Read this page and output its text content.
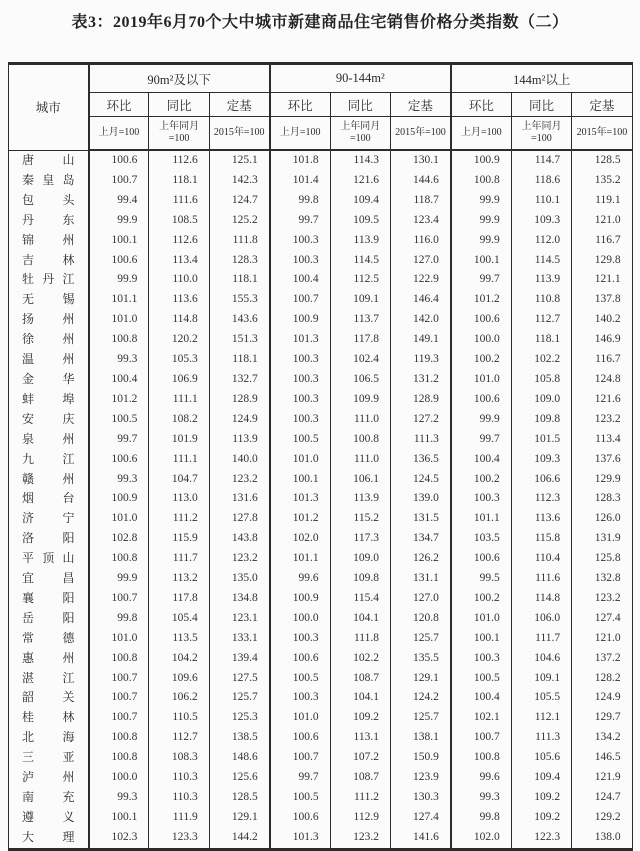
表3：2019年6月70个大中城市新建商品住宅销售价格分类指数（二）
城市	90m²及以下			90-144m²			144m²以上		
	环比	同比	定基	环比	同比	定基	环比	同比	定基
	上月=100	上年同月=100	2015年=100	上月=100	上年同月=100	2015年=100	上月=100	上年同月=100	2015年=100
唐山	100.6	112.6	125.1	101.8	114.3	130.1	100.9	114.7	128.5
秦皇岛	100.7	118.1	142.3	101.4	121.6	144.6	100.8	118.6	135.2
包头	99.4	111.6	124.7	99.8	109.4	118.7	99.9	110.1	119.1
丹东	99.9	108.5	125.2	99.7	109.5	123.4	99.9	109.3	121.0
锦州	100.1	112.6	111.8	100.3	113.9	116.0	99.9	112.0	116.7
吉林	100.6	113.4	128.3	100.3	114.5	127.0	100.1	114.5	129.8
牡丹江	99.9	110.0	118.1	100.4	112.5	122.9	99.7	113.9	121.1
无锡	101.1	113.6	155.3	100.7	109.1	146.4	101.2	110.8	137.8
扬州	101.0	114.8	143.6	100.9	113.7	142.0	100.6	112.7	140.2
徐州	100.8	120.2	151.3	101.3	117.8	149.1	100.0	118.1	146.9
温州	99.3	105.3	118.1	100.3	102.4	119.3	100.2	102.2	116.7
金华	100.4	106.9	132.7	100.3	106.5	131.2	101.0	105.8	124.8
蚌埠	101.2	111.1	128.9	100.3	109.9	128.9	100.6	109.0	121.6
安庆	100.5	108.2	124.9	100.3	111.0	127.2	99.9	109.8	123.2
泉州	99.7	101.9	113.9	100.5	100.8	111.3	99.7	101.5	113.4
九江	100.6	111.1	140.0	101.0	111.0	136.5	100.4	109.3	137.6
赣州	99.3	104.7	123.2	100.1	106.1	124.5	100.2	106.6	129.9
烟台	100.9	113.0	131.6	101.3	113.9	139.0	100.3	112.3	128.3
济宁	101.0	111.2	127.8	101.2	115.2	131.5	101.1	113.6	126.0
洛阳	102.8	115.9	143.8	102.0	117.3	134.7	103.5	115.8	131.9
平顶山	100.8	111.7	123.2	101.1	109.0	126.2	100.6	110.4	125.8
宜昌	99.9	113.2	135.0	99.6	109.8	131.1	99.5	111.6	132.8
襄阳	100.7	117.8	134.8	100.9	115.4	127.0	100.2	114.8	123.2
岳阳	99.8	105.4	123.1	100.0	104.1	120.8	101.0	106.0	127.4
常德	101.0	113.5	133.1	100.3	111.8	125.7	100.1	111.7	121.0
惠州	100.8	104.2	139.4	100.6	102.2	135.5	100.3	104.6	137.2
湛江	100.7	109.6	127.5	100.5	108.7	129.1	100.5	109.1	128.2
韶关	100.7	106.2	125.7	100.3	104.1	124.2	100.4	105.5	124.9
桂林	100.7	110.5	125.3	101.0	109.2	125.7	102.1	112.1	129.7
北海	100.8	112.7	138.5	100.6	113.1	138.1	100.7	111.3	134.2
三亚	100.8	108.3	148.6	100.7	107.2	150.9	100.8	105.6	146.5
泸州	100.0	110.3	125.6	99.7	108.7	123.9	99.6	109.4	121.9
南充	99.3	110.3	128.5	100.5	111.2	130.3	99.3	109.2	124.7
遵义	100.1	111.9	129.1	100.6	112.9	127.4	99.8	109.2	129.2
大理	102.3	123.3	144.2	101.3	123.2	141.6	102.0	122.3	138.0
